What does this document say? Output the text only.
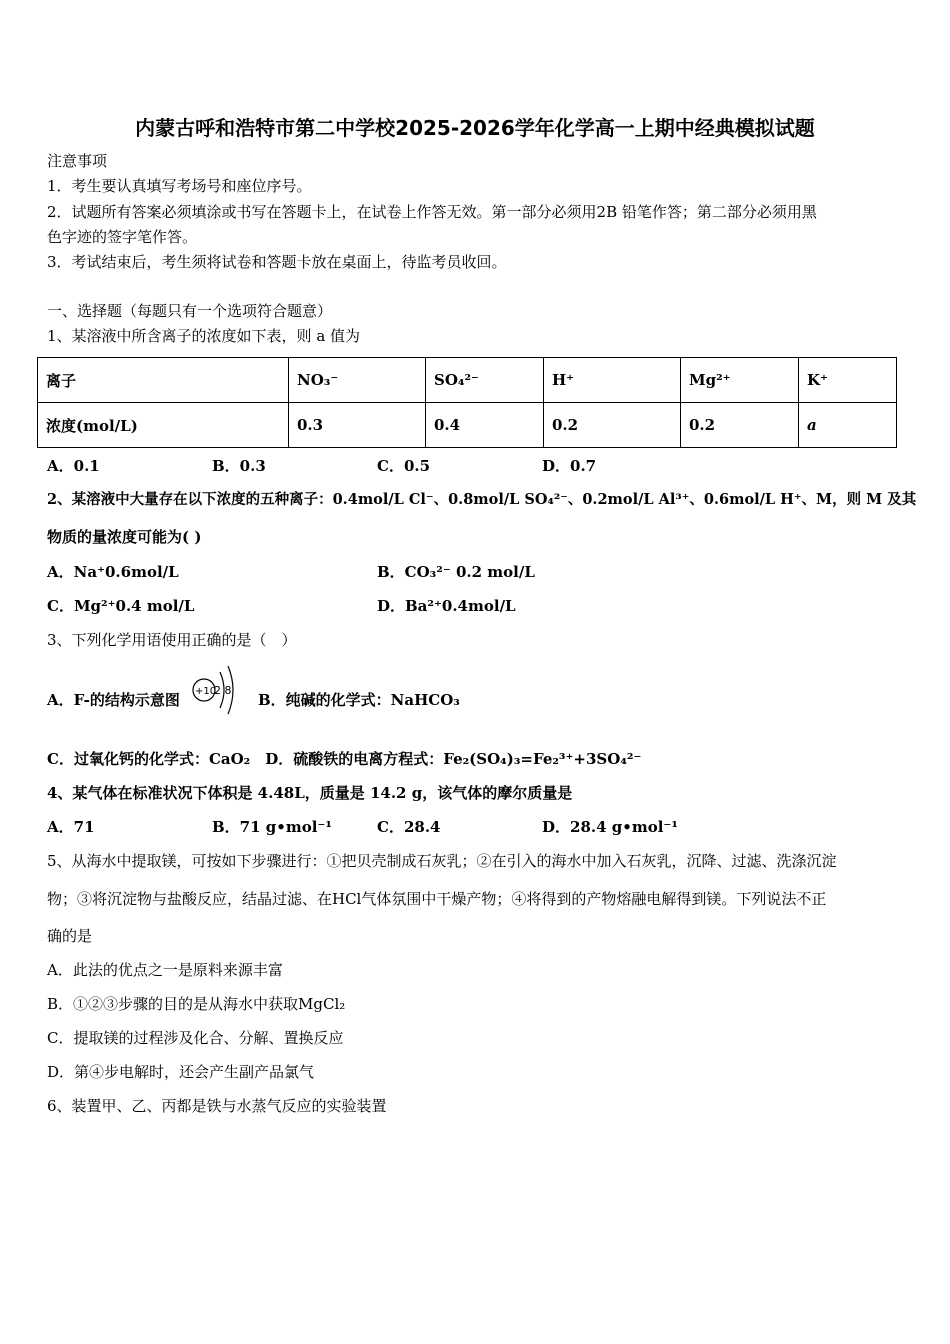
内蒙古呼和浩特市第二中学校2025-2026学年化学高一上期中经典模拟试题
注意事项
1．考生要认真填写考场号和座位序号。
2．试题所有答案必须填涂或书写在答题卡上，在试卷上作答无效。第一部分必须用2B 铅笔作答；第二部分必须用黑
色字迹的签字笔作答。
3．考试结束后，考生须将试卷和答题卡放在桌面上，待监考员收回。
一、选择题（每题只有一个选项符合题意）
1、某溶液中所含离子的浓度如下表，则 a 值为
离子	NO₃⁻	SO₄²⁻	H⁺	Mg²⁺	K⁺
浓度(mol/L)	0.3	0.4	0.2	0.2	a
A．0.1	B．0.3	C．0.5	D．0.7
2、某溶液中大量存在以下浓度的五种离子：0.4mol/L Cl⁻、0.8mol/L SO₄²⁻、0.2mol/L Al³⁺、0.6mol/L H⁺、M，则 M 及其
物质的量浓度可能为( )
A．Na⁺0.6mol/L	B．CO₃²⁻ 0.2 mol/L
C．Mg²⁺0.4 mol/L	D．Ba²⁺0.4mol/L
3、下列化学用语使用正确的是（　）
A．F-的结构示意图 +10
2 8
B．纯碱的化学式：NaHCO₃
C．过氧化钙的化学式：CaO₂　D．硫酸铁的电离方程式：Fe₂(SO₄)₃=Fe₂³⁺+3SO₄²⁻
4、某气体在标准状况下体积是 4.48L，质量是 14.2 g，该气体的摩尔质量是
A．71	B．71 g•mol⁻¹	C．28.4	D．28.4 g•mol⁻¹
5、从海水中提取镁，可按如下步骤进行：①把贝壳制成石灰乳；②在引入的海水中加入石灰乳，沉降、过滤、洗涤沉淀
物；③将沉淀物与盐酸反应，结晶过滤、在HCl气体氛围中干燥产物；④将得到的产物熔融电解得到镁。下列说法不正
确的是
A．此法的优点之一是原料来源丰富
B．①②③步骤的目的是从海水中获取MgCl₂
C．提取镁的过程涉及化合、分解、置换反应
D．第④步电解时，还会产生副产品氯气
6、装置甲、乙、丙都是铁与水蒸气反应的实验装置
